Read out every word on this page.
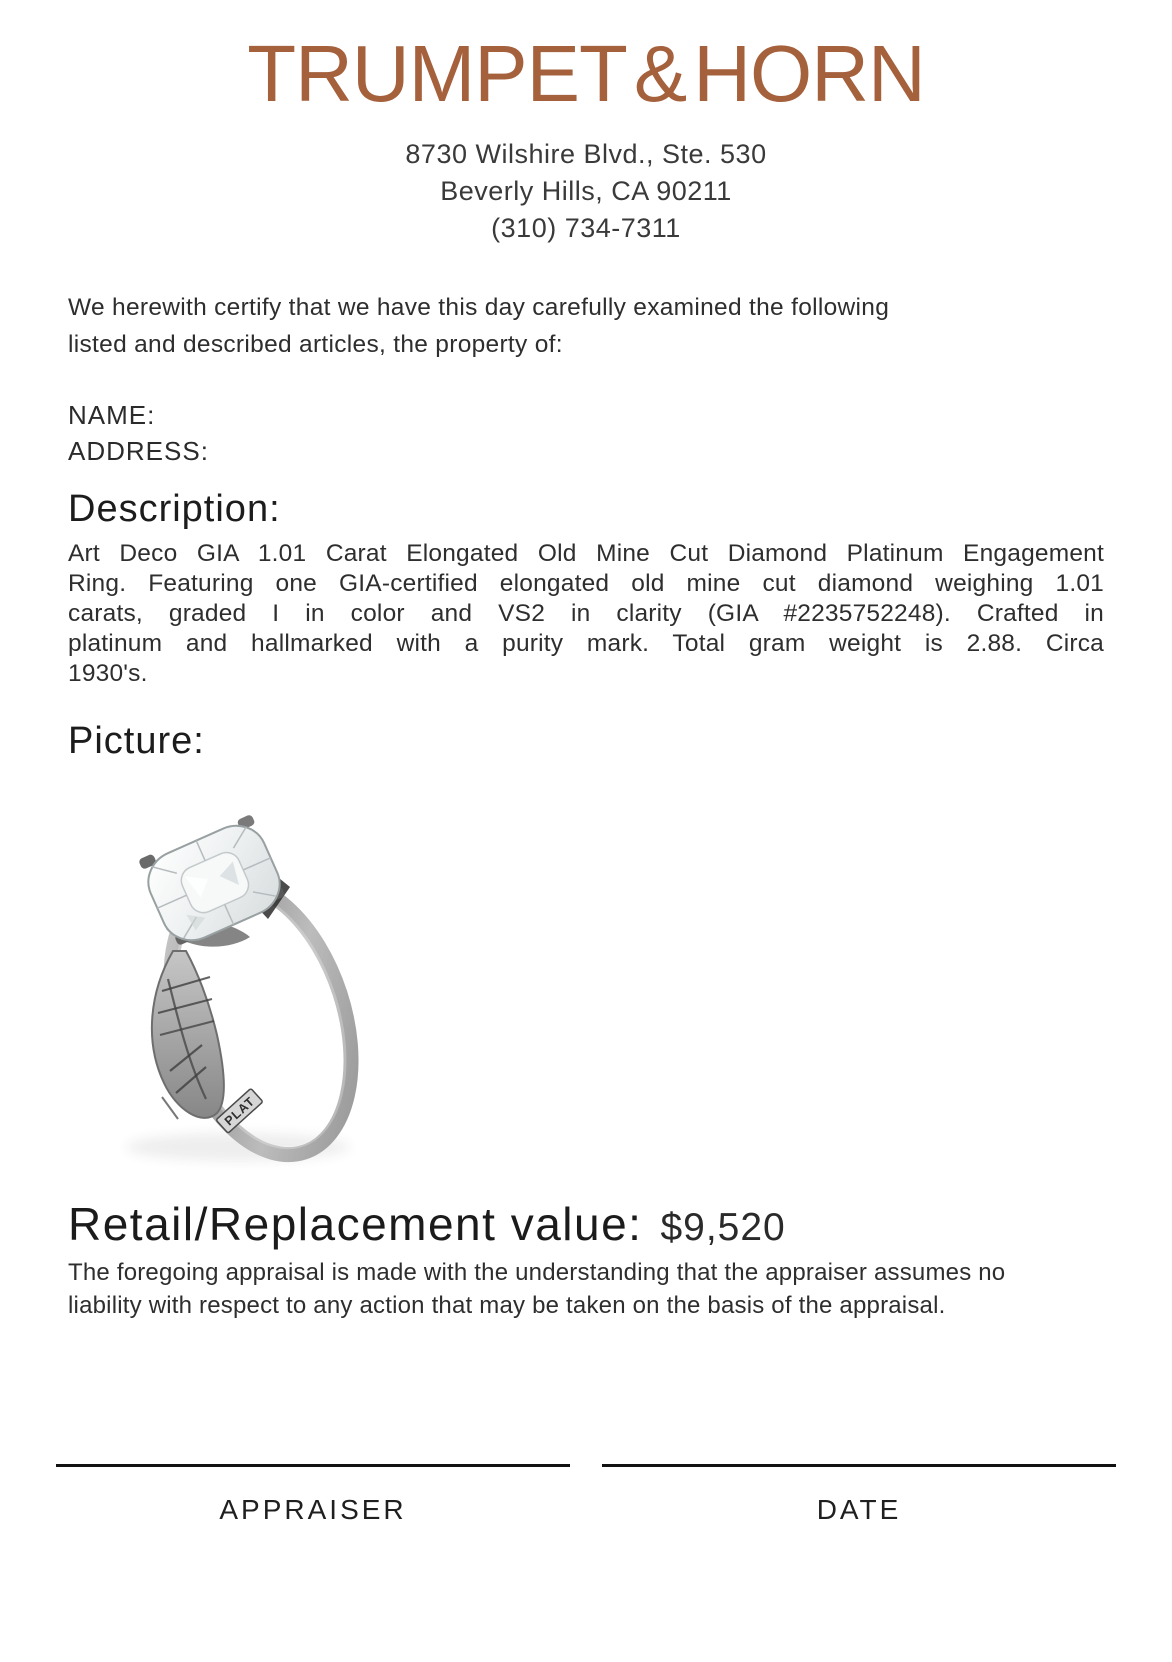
TRUMPET&HORN
8730 Wilshire Blvd., Ste. 530
Beverly Hills, CA 90211
(310) 734-7311
We herewith certify that we have this day carefully examined the following
listed and described articles, the property of:
NAME:
ADDRESS:
Description:
Art Deco GIA 1.01 Carat Elongated Old Mine Cut Diamond Platinum Engagement
Ring. Featuring one GIA-certified elongated old mine cut diamond weighing 1.01
carats, graded I in color and VS2 in clarity (GIA #2235752248). Crafted in
platinum and hallmarked with a purity mark. Total gram weight is 2.88. Circa
1930's.
Picture:
PLAT
Retail/Replacement value: $9,520
The foregoing appraisal is made with the understanding that the appraiser assumes no
liability with respect to any action that may be taken on the basis of the appraisal.
APPRAISER	DATE
